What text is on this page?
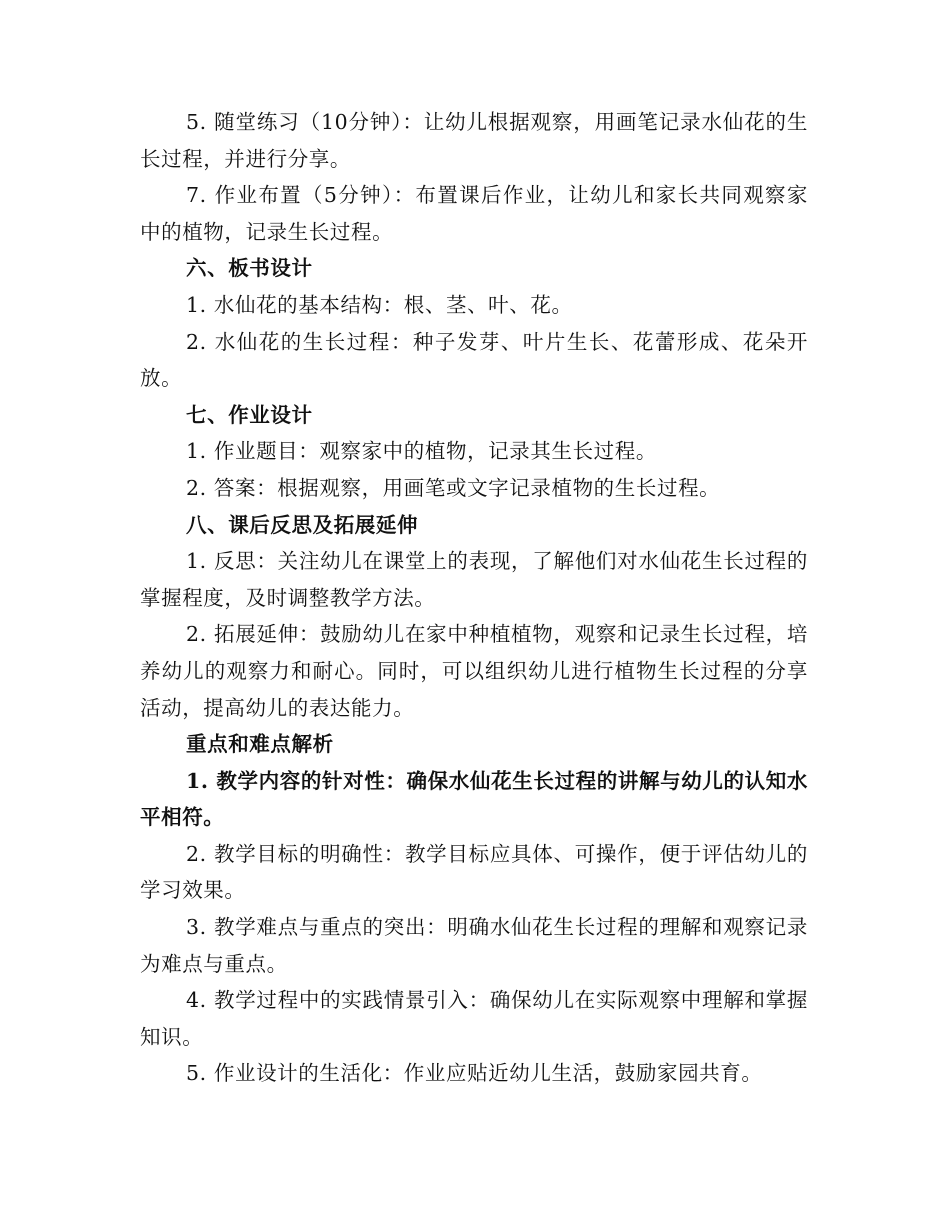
5. 随堂练习（10分钟）：让幼儿根据观察，用画笔记录水仙花的生长过程，并进行分享。

7. 作业布置（5分钟）：布置课后作业，让幼儿和家长共同观察家中的植物，记录生长过程。

六、板书设计

1. 水仙花的基本结构：根、茎、叶、花。

2. 水仙花的生长过程：种子发芽、叶片生长、花蕾形成、花朵开放。

七、作业设计

1. 作业题目：观察家中的植物，记录其生长过程。

2. 答案：根据观察，用画笔或文字记录植物的生长过程。

八、课后反思及拓展延伸

1. 反思：关注幼儿在课堂上的表现，了解他们对水仙花生长过程的掌握程度，及时调整教学方法。

2. 拓展延伸：鼓励幼儿在家中种植植物，观察和记录生长过程，培养幼儿的观察力和耐心。同时，可以组织幼儿进行植物生长过程的分享活动，提高幼儿的表达能力。

重点和难点解析

1. 教学内容的针对性：确保水仙花生长过程的讲解与幼儿的认知水平相符。

2. 教学目标的明确性：教学目标应具体、可操作，便于评估幼儿的学习效果。

3. 教学难点与重点的突出：明确水仙花生长过程的理解和观察记录为难点与重点。

4. 教学过程中的实践情景引入：确保幼儿在实际观察中理解和掌握知识。

5. 作业设计的生活化：作业应贴近幼儿生活，鼓励家园共育。
